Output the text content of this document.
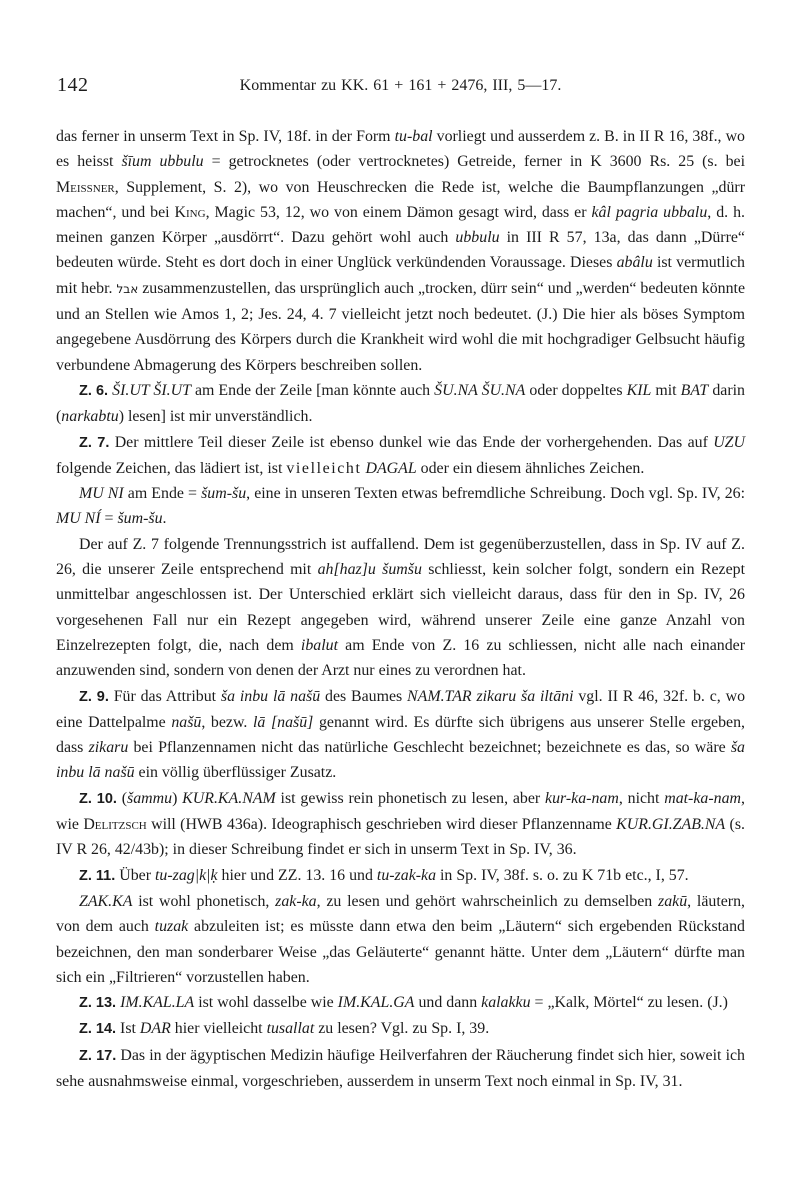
142	Kommentar zu KK. 61 + 161 + 2476, III, 5—17.

das ferner in unserm Text in Sp. IV, 18f. in der Form tu-bal vorliegt und ausserdem z. B. in II R 16, 38f., wo es heisst šīum ubbulu = getrocknetes (oder vertrocknetes) Getreide, ferner in K 3600 Rs. 25 (s. bei Meissner, Supplement, S. 2), wo von Heuschrecken die Rede ist, welche die Baumpflanzungen „dürr machen“, und bei King, Magic 53, 12, wo von einem Dämon gesagt wird, dass er kâl pagria ubbalu, d. h. meinen ganzen Körper „ausdörrt“. Dazu gehört wohl auch ubbulu in III R 57, 13a, das dann „Dürre“ bedeuten würde. Steht es dort doch in einer Unglück verkündenden Voraussage. Dieses abâlu ist vermutlich mit hebr. אבל zusammenzustellen, das ursprünglich auch „trocken, dürr sein“ und „werden“ bedeuten könnte und an Stellen wie Amos 1, 2; Jes. 24, 4. 7 vielleicht jetzt noch bedeutet. (J.) Die hier als böses Symptom angegebene Ausdörrung des Körpers durch die Krankheit wird wohl die mit hochgradiger Gelbsucht häufig verbundene Abmagerung des Körpers beschreiben sollen.

Z. 6. ŠI.UT ŠI.UT am Ende der Zeile [man könnte auch ŠU.NA ŠU.NA oder doppeltes KIL mit BAT darin (narkabtu) lesen] ist mir unverständlich.

Z. 7. Der mittlere Teil dieser Zeile ist ebenso dunkel wie das Ende der vorhergehenden. Das auf UZU folgende Zeichen, das lädiert ist, ist vielleicht DAGAL oder ein diesem ähnliches Zeichen.

MU NI am Ende = šum-šu, eine in unseren Texten etwas befremdliche Schreibung. Doch vgl. Sp. IV, 26: MU NÍ = šum-šu.

Der auf Z. 7 folgende Trennungsstrich ist auffallend. Dem ist gegenüberzustellen, dass in Sp. IV auf Z. 26, die unserer Zeile entsprechend mit ah[haz]u šumšu schliesst, kein solcher folgt, sondern ein Rezept unmittelbar angeschlossen ist. Der Unterschied erklärt sich vielleicht daraus, dass für den in Sp. IV, 26 vorgesehenen Fall nur ein Rezept angegeben wird, während unserer Zeile eine ganze Anzahl von Einzelrezepten folgt, die, nach dem ibalut am Ende von Z. 16 zu schliessen, nicht alle nach einander anzuwenden sind, sondern von denen der Arzt nur eines zu verordnen hat.

Z. 9. Für das Attribut ša inbu lā našū des Baumes NAM.TAR zikaru ša iltāni vgl. II R 46, 32f. b. c, wo eine Dattelpalme našū, bezw. lā [našū] genannt wird. Es dürfte sich übrigens aus unserer Stelle ergeben, dass zikaru bei Pflanzennamen nicht das natürliche Geschlecht bezeichnet; bezeichnete es das, so wäre ša inbu lā našū ein völlig überflüssiger Zusatz.

Z. 10. (šammu) KUR.KA.NAM ist gewiss rein phonetisch zu lesen, aber kur-ka-nam, nicht mat-ka-nam, wie Delitzsch will (HWB 436a). Ideographisch geschrieben wird dieser Pflanzenname KUR.GI.ZAB.NA (s. IV R 26, 42/43b); in dieser Schreibung findet er sich in unserm Text in Sp. IV, 36.

Z. 11. Über tu-zag|k|ḳ hier und ZZ. 13. 16 und tu-zak-ka in Sp. IV, 38f. s. o. zu K 71b etc., I, 57.

ZAK.KA ist wohl phonetisch, zak-ka, zu lesen und gehört wahrscheinlich zu demselben zakū, läutern, von dem auch tuzak abzuleiten ist; es müsste dann etwa den beim „Läutern“ sich ergebenden Rückstand bezeichnen, den man sonderbarer Weise „das Geläuterte“ genannt hätte. Unter dem „Läutern“ dürfte man sich ein „Filtrieren“ vorzustellen haben.

Z. 13. IM.KAL.LA ist wohl dasselbe wie IM.KAL.GA und dann kalakku = „Kalk, Mörtel“ zu lesen. (J.)

Z. 14. Ist DAR hier vielleicht tusallat zu lesen? Vgl. zu Sp. I, 39.

Z. 17. Das in der ägyptischen Medizin häufige Heilverfahren der Räucherung findet sich hier, soweit ich sehe ausnahmsweise einmal, vorgeschrieben, ausserdem in unserm Text noch einmal in Sp. IV, 31.
